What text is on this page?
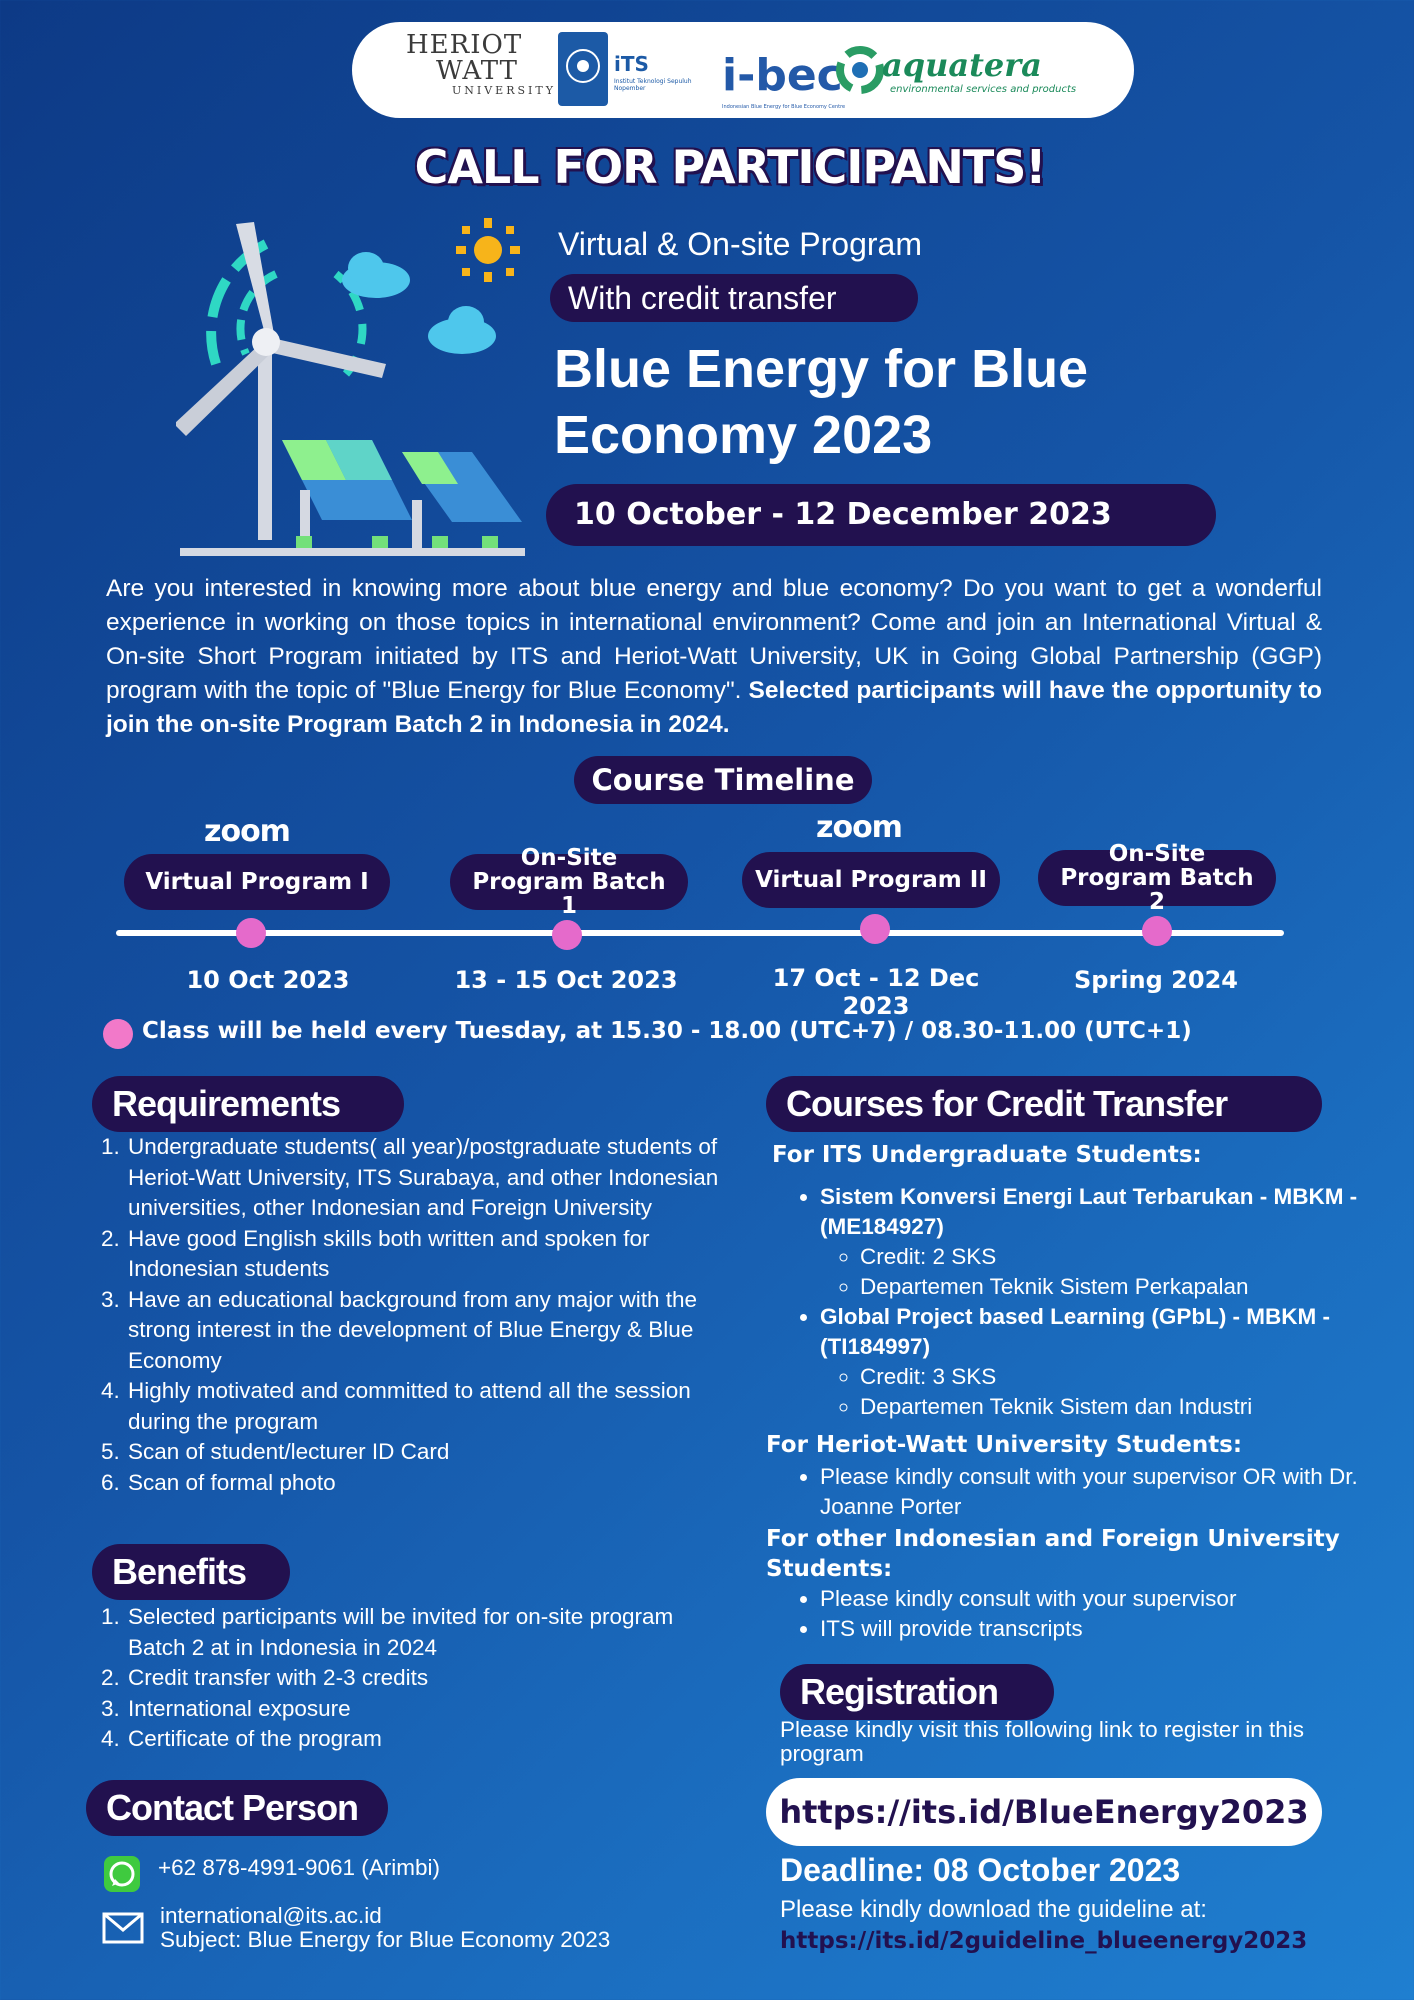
HERIOT
WATT
UNIVERSITY
iTS
Institut Teknologi Sepuluh Nopember	i-bec
Indonesian Blue Energy for Blue Economy Centre
aquatera
environmental services and products
CALL FOR PARTICIPANTS!
Virtual & On-site Program
With credit transfer
Blue Energy for Blue Economy 2023
10 October - 12 December 2023
Are you interested in knowing more about blue energy and blue economy? Do you want to get a wonderful experience in working on those topics in international environment? Come and join an International Virtual & On-site Short Program initiated by ITS and Heriot-Watt University, UK in Going Global Partnership (GGP) program with the topic of "Blue Energy for Blue Economy". Selected participants will have the opportunity to join the on-site Program Batch 2 in Indonesia in 2024.
Course Timeline
zoom	zoom
Virtual Program I
On-Site Program Batch 1
Virtual Program II
On-Site Program Batch 2
10 Oct 2023	13 - 15 Oct 2023	17 Oct - 12 Dec 2023
Spring 2024
Class will be held every Tuesday, at 15.30 - 18.00 (UTC+7) / 08.30-11.00 (UTC+1)
Requirements
1. Undergraduate students( all year)/postgraduate students of Heriot-Watt University, ITS Surabaya, and other Indonesian universities, other Indonesian and Foreign University
2. Have good English skills both written and spoken for Indonesian students
3. Have an educational background from any major with the strong interest in the development of Blue Energy & Blue Economy
4. Highly motivated and committed to attend all the session during the program
5. Scan of student/lecturer ID Card
6. Scan of formal photo
Benefits
1. Selected participants will be invited for on-site program Batch 2 at in Indonesia in 2024
2. Credit transfer with 2-3 credits
3. International exposure
4. Certificate of the program
Contact Person
+62 878-4991-9061 (Arimbi)
international@its.ac.id
Subject: Blue Energy for Blue Economy 2023
Courses for Credit Transfer
For ITS Undergraduate Students:
• Sistem Konversi Energi Laut Terbarukan - MBKM - (ME184927)
◦ Credit: 2 SKS
◦ Departemen Teknik Sistem Perkapalan
• Global Project based Learning (GPbL) - MBKM - (TI184997)
◦ Credit: 3 SKS
◦ Departemen Teknik Sistem dan Industri
For Heriot-Watt University Students:
• Please kindly consult with your supervisor OR with Dr. Joanne Porter
For other Indonesian and Foreign University Students:
• Please kindly consult with your supervisor
• ITS will provide transcripts
Registration
Please kindly visit this following link to register in this program
https://its.id/BlueEnergy2023
Deadline: 08 October 2023
Please kindly download the guideline at:
https://its.id/2guideline_blueenergy2023
